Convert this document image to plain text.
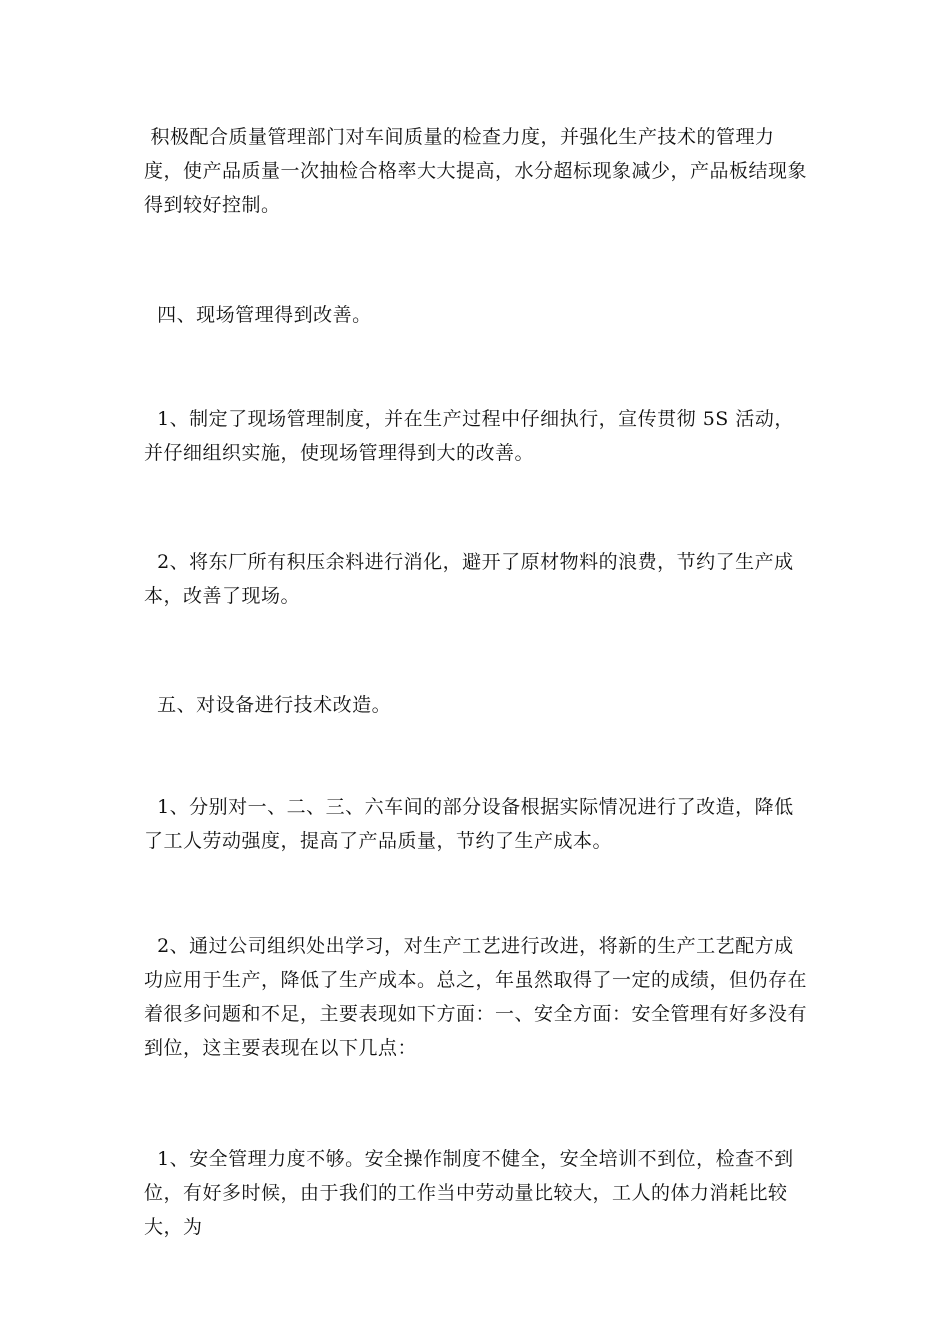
积极配合质量管理部门对车间质量的检查力度，并强化生产技术的管理力度，使产品质量一次抽检合格率大大提高，水分超标现象减少，产品板结现象得到较好控制。

四、现场管理得到改善。

1、制定了现场管理制度，并在生产过程中仔细执行，宣传贯彻 5S 活动，并仔细组织实施，使现场管理得到大的改善。

2、将东厂所有积压余料进行消化，避开了原材物料的浪费，节约了生产成本，改善了现场。

五、对设备进行技术改造。

1、分别对一、二、三、六车间的部分设备根据实际情况进行了改造，降低了工人劳动强度，提高了产品质量，节约了生产成本。

2、通过公司组织处出学习，对生产工艺进行改进，将新的生产工艺配方成功应用于生产，降低了生产成本。总之，年虽然取得了一定的成绩，但仍存在着很多问题和不足，主要表现如下方面：一、安全方面：安全管理有好多没有到位，这主要表现在以下几点：

1、安全管理力度不够。安全操作制度不健全，安全培训不到位，检查不到位，有好多时候，由于我们的工作当中劳动量比较大，工人的体力消耗比较大，为
